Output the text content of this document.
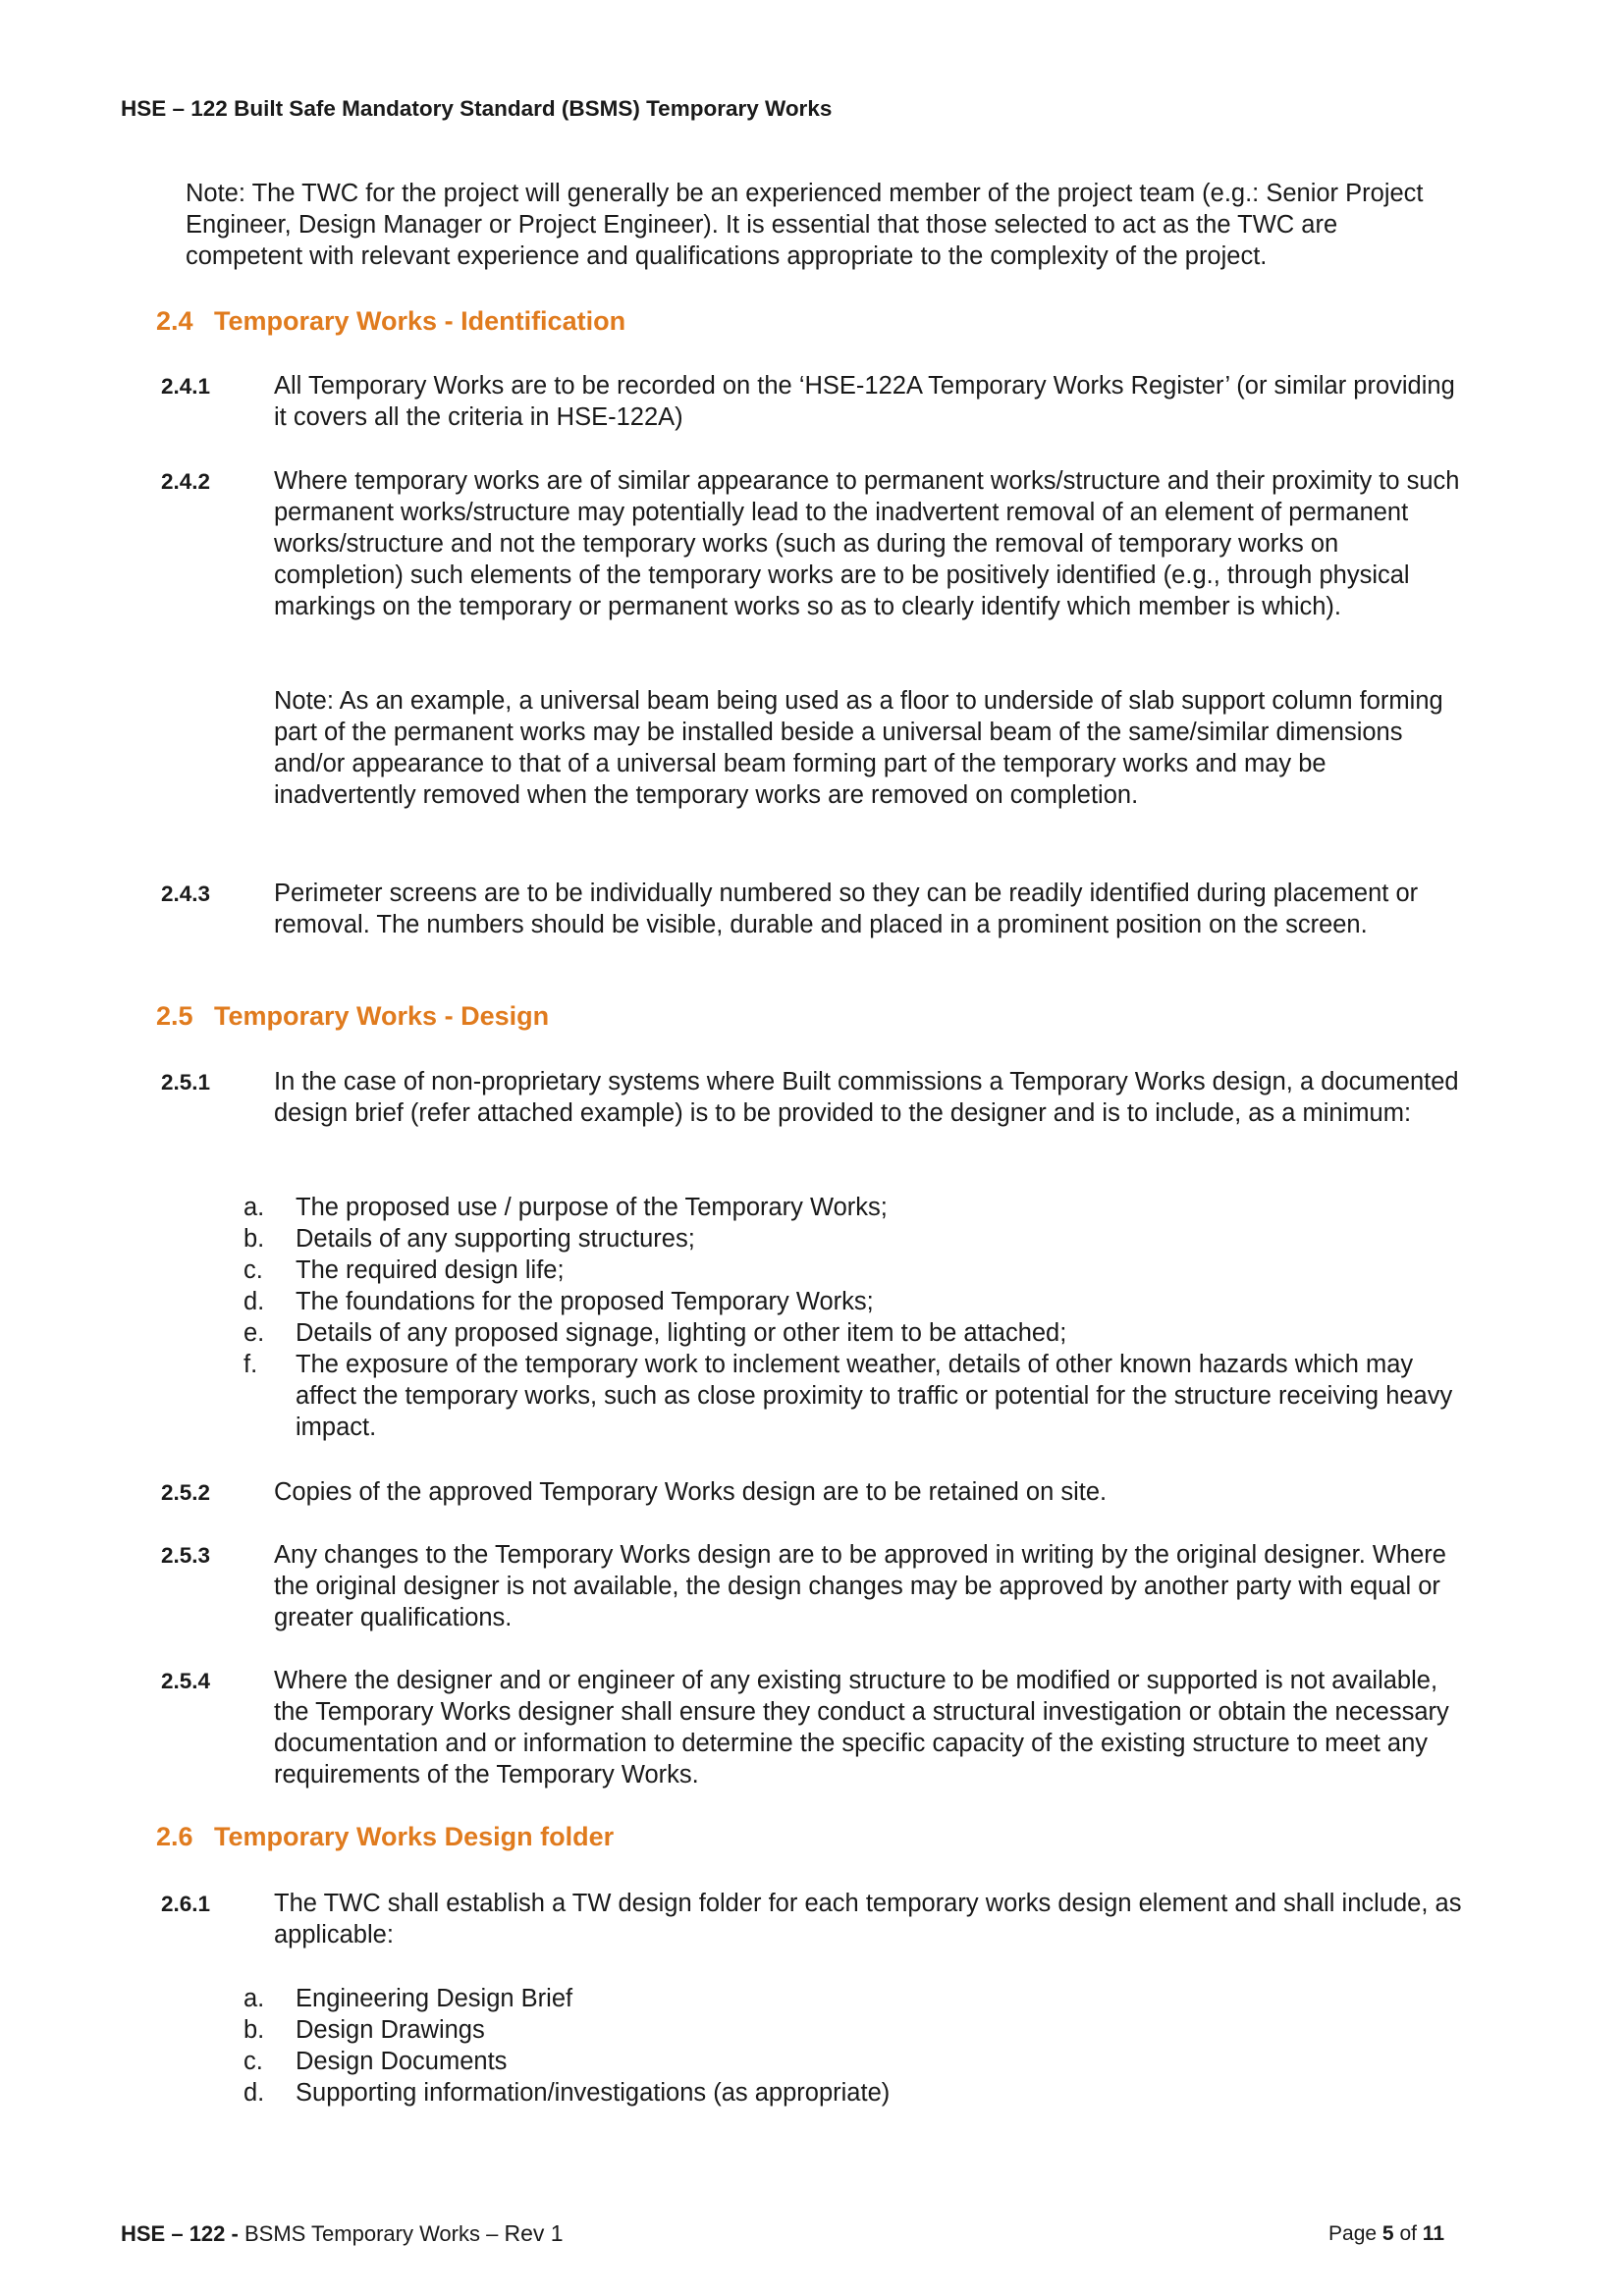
HSE – 122 Built Safe Mandatory Standard (BSMS) Temporary Works
Note: The TWC for the project will generally be an experienced member of the project team (e.g.: Senior Project Engineer, Design Manager or Project Engineer). It is essential that those selected to act as the TWC are competent with relevant experience and qualifications appropriate to the complexity of the project.
2.4 Temporary Works - Identification
2.4.1	All Temporary Works are to be recorded on the ‘HSE-122A Temporary Works Register’ (or similar providing it covers all the criteria in HSE-122A)
2.4.2	Where temporary works are of similar appearance to permanent works/structure and their proximity to such permanent works/structure may potentially lead to the inadvertent removal of an element of permanent works/structure and not the temporary works (such as during the removal of temporary works on completion) such elements of the temporary works are to be positively identified (e.g., through physical markings on the temporary or permanent works so as to clearly identify which member is which).
Note: As an example, a universal beam being used as a floor to underside of slab support column forming part of the permanent works may be installed beside a universal beam of the same/similar dimensions and/or appearance to that of a universal beam forming part of the temporary works and may be inadvertently removed when the temporary works are removed on completion.
2.4.3	Perimeter screens are to be individually numbered so they can be readily identified during placement or removal. The numbers should be visible, durable and placed in a prominent position on the screen.
2.5 Temporary Works - Design
2.5.1	In the case of non-proprietary systems where Built commissions a Temporary Works design, a documented design brief (refer attached example) is to be provided to the designer and is to include, as a minimum:
a. The proposed use / purpose of the Temporary Works;
b. Details of any supporting structures;
c. The required design life;
d. The foundations for the proposed Temporary Works;
e. Details of any proposed signage, lighting or other item to be attached;
f. The exposure of the temporary work to inclement weather, details of other known hazards which may affect the temporary works, such as close proximity to traffic or potential for the structure receiving heavy impact.
2.5.2	Copies of the approved Temporary Works design are to be retained on site.
2.5.3	Any changes to the Temporary Works design are to be approved in writing by the original designer. Where the original designer is not available, the design changes may be approved by another party with equal or greater qualifications.
2.5.4	Where the designer and or engineer of any existing structure to be modified or supported is not available, the Temporary Works designer shall ensure they conduct a structural investigation or obtain the necessary documentation and or information to determine the specific capacity of the existing structure to meet any requirements of the Temporary Works.
2.6 Temporary Works Design folder
2.6.1	The TWC shall establish a TW design folder for each temporary works design element and shall include, as applicable:
a. Engineering Design Brief
b. Design Drawings
c. Design Documents
d. Supporting information/investigations (as appropriate)
HSE – 122 - BSMS Temporary Works – Rev 1	Page 5 of 11
